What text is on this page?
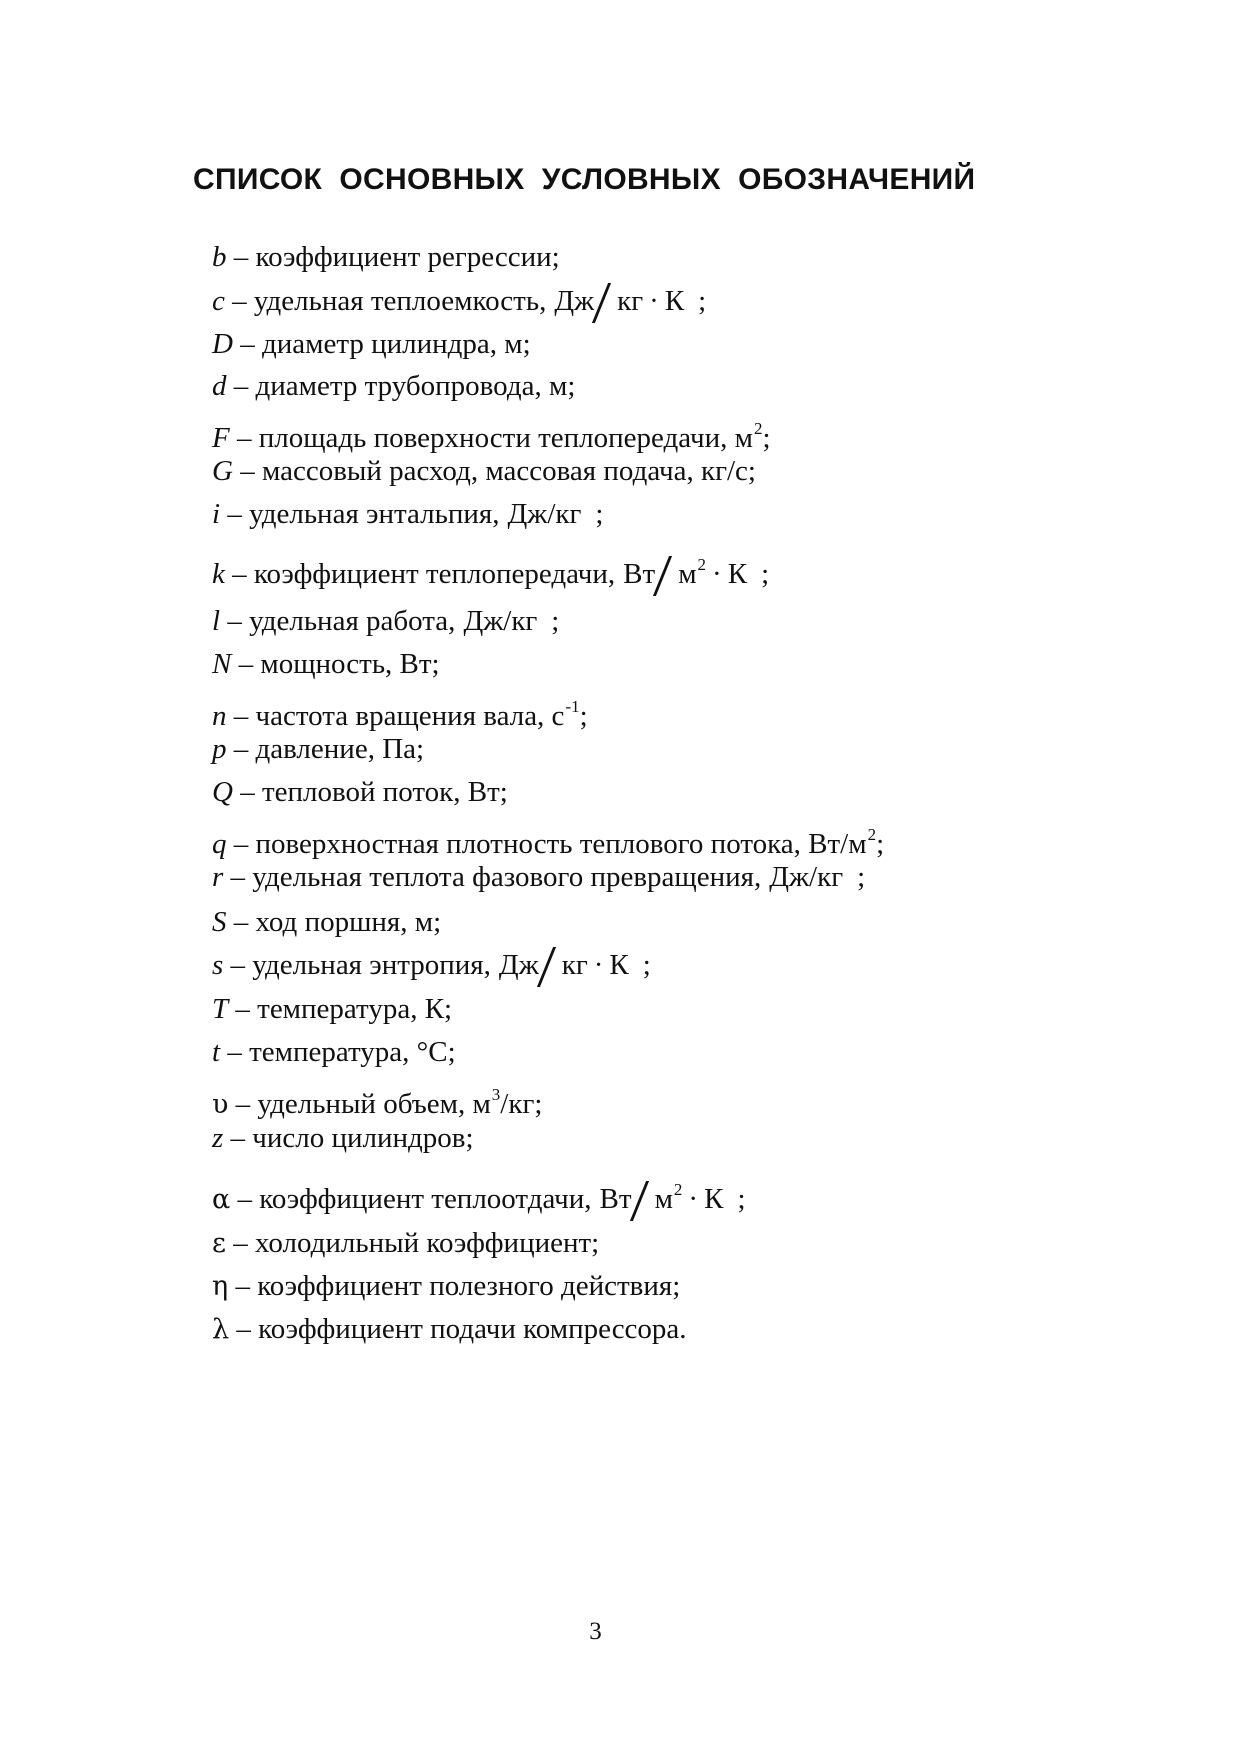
СПИСОК  ОСНОВНЫХ  УСЛОВНЫХ  ОБОЗНАЧЕНИЙ
b – коэффициент регрессии;
c – удельная теплоемкость, Дж кг · К ;
D – диаметр цилиндра, м;
d – диаметр трубопровода, м;
F – площадь поверхности теплопередачи, $м^2$;
G – массовый расход, массовая подача, кг/с;
i – удельная энтальпия, Дж/кг ;
k – коэффициент теплопередачи, Вт $м^2 \cdot К$ ;
l – удельная работа, Дж/кг ;
N – мощность, Вт;
n – частота вращения вала, $с^{-1}$;
p – давление, Па;
Q – тепловой поток, Вт;
q – поверхностная плотность теплового потока, $Вт/м^2$;
r – удельная теплота фазового превращения, Дж/кг ;
S – ход поршня, м;
s – удельная энтропия, Дж кг · К ;
T – температура, К;
t – температура, °С;
υ – удельный объем, $м^3/кг$;
z – число цилиндров;
α – коэффициент теплоотдачи, Вт $м^2 \cdot К$ ;
ε – холодильный коэффициент;
η – коэффициент полезного действия;
λ – коэффициент подачи компрессора.
3
